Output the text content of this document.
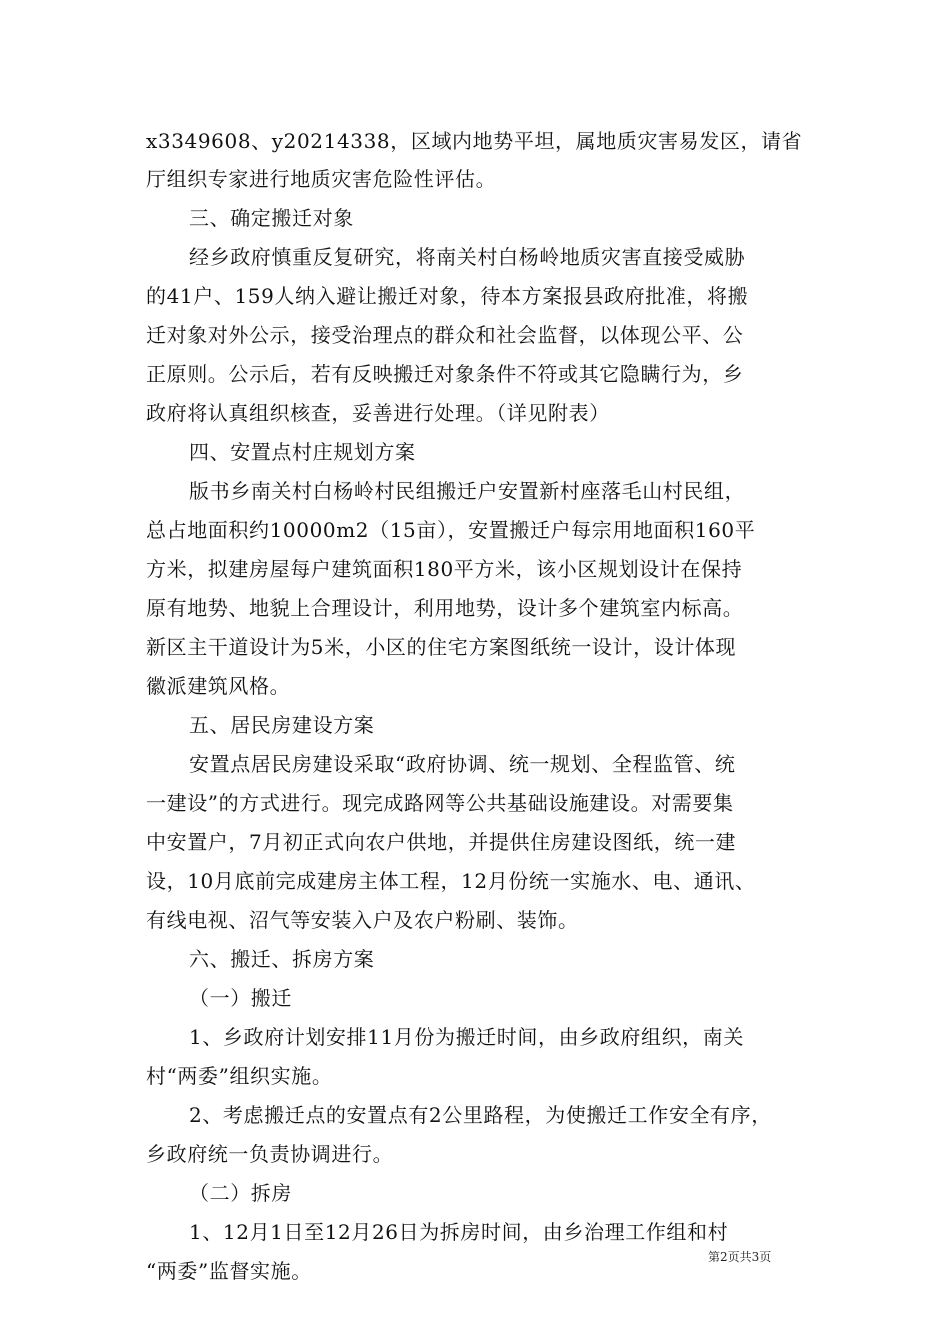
x3349608、y20214338，区域内地势平坦，属地质灾害易发区，请省
厅组织专家进行地质灾害危险性评估。
三、确定搬迁对象
经乡政府慎重反复研究，将南关村白杨岭地质灾害直接受威胁
的41户、159人纳入避让搬迁对象，待本方案报县政府批准，将搬
迁对象对外公示，接受治理点的群众和社会监督，以体现公平、公
正原则。公示后，若有反映搬迁对象条件不符或其它隐瞒行为，乡
政府将认真组织核查，妥善进行处理。（详见附表）
四、安置点村庄规划方案
版书乡南关村白杨岭村民组搬迁户安置新村座落毛山村民组，
总占地面积约10000m2（15亩），安置搬迁户每宗用地面积160平
方米，拟建房屋每户建筑面积180平方米，该小区规划设计在保持
原有地势、地貌上合理设计，利用地势，设计多个建筑室内标高。
新区主干道设计为5米，小区的住宅方案图纸统一设计，设计体现
徽派建筑风格。
五、居民房建设方案
安置点居民房建设采取“政府协调、统一规划、全程监管、统
一建设”的方式进行。现完成路网等公共基础设施建设。对需要集
中安置户，7月初正式向农户供地，并提供住房建设图纸，统一建
设，10月底前完成建房主体工程，12月份统一实施水、电、通讯、
有线电视、沼气等安装入户及农户粉刷、装饰。
六、搬迁、拆房方案
（一）搬迁
1、乡政府计划安排11月份为搬迁时间，由乡政府组织，南关
村“两委”组织实施。
2、考虑搬迁点的安置点有2公里路程，为使搬迁工作安全有序，
乡政府统一负责协调进行。
（二）拆房
1、12月1日至12月26日为拆房时间，由乡治理工作组和村
“两委”监督实施。
第2页共3页
